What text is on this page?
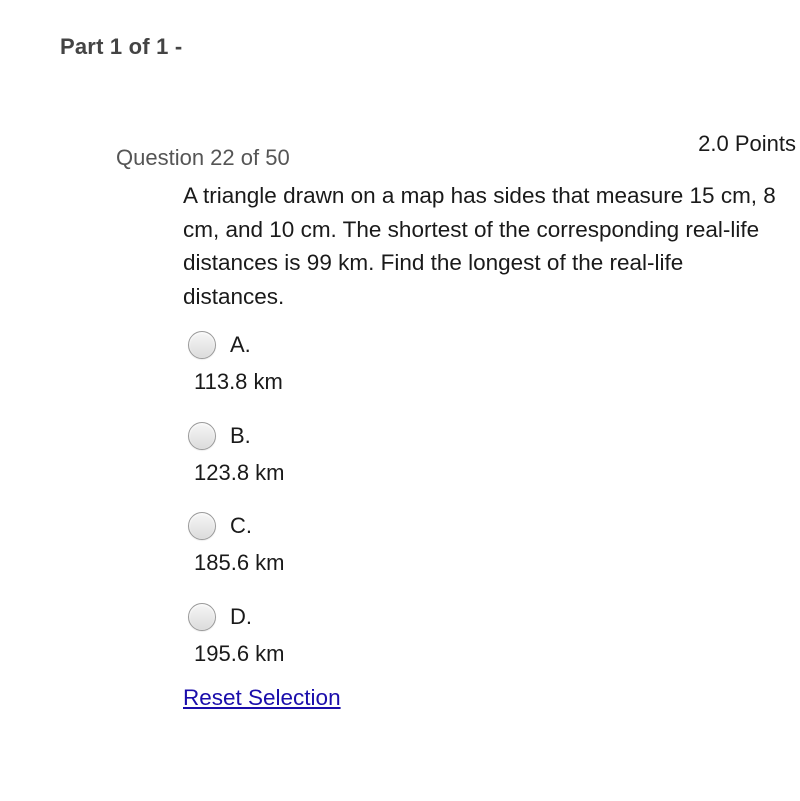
Part 1 of 1 -
2.0 Points
Question 22 of 50
A triangle drawn on a map has sides that measure 15 cm, 8 cm, and 10 cm. The shortest of the corresponding real-life distances is 99 km. Find the longest of the real-life distances.
A.
113.8 km
B.
123.8 km
C.
185.6 km
D.
195.6 km
Reset Selection
